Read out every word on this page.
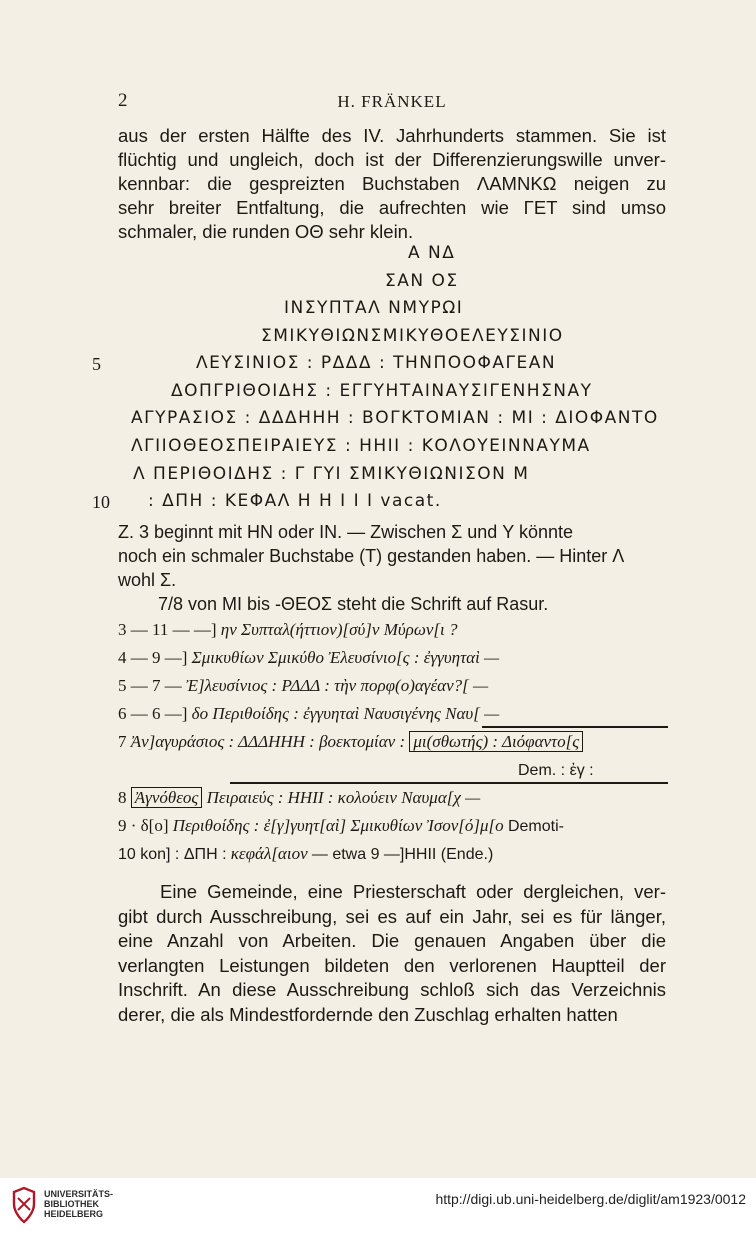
2	H. FRÄNKEL
aus der ersten Hälfte des IV. Jahrhunderts stammen. Sie ist
flüchtig und ungleich, doch ist der Differenzierungswille unver-
kennbar: die gespreizten Buchstaben ΛΑΜΝΚΩ neigen zu
sehr breiter Entfaltung, die aufrechten wie ΓΕΤ sind umso
schmaler, die runden ΟΘ sehr klein.
Α ΝΔ
ΣΑΝ ΟΣ
ΙΝΣΥΠΤΑΛ ΝΜΥΡΩΙ
ΣΜΙΚΥΘΙΩΝΣΜΙΚΥΘΟΕΛΕΥΣΙΝΙΟ
5	ΛΕΥΣΙΝΙΟΣ : ΡΔΔΔ : ΤΗΝΠΟΟΦΑΓΕΑΝ
ΔΟΠΓΡΙΘΟΙΔΗΣ : ΕΓΓΥΗΤΑΙΝΑΥΣΙΓΕΝΗΣΝΑΥ
ΑΓΥΡΑΣΙΟΣ : ΔΔΔΗΗΗ : ΒΟΓΚΤΟΜΙΑΝ : ΜΙ : ΔΙΟΦΑΝΤΟ
ΛΓΙΙΟΘΕΟΣΠΕΙΡΑΙΕΥΣ : ΗΗΙΙ : ΚΟΛΟΥΕΙΝΝΑΥΜΑ
Λ ΠΕΡΙΘΟΙΔΗΣ : Γ ΓΥΙ ΣΜΙΚΥΘΙΩΝΙΣΟΝ Μ
10 : ΔΠΗ : ΚΕΦΑΛ Η Η Ι Ι Ι vacat.
Z. 3 beginnt mit ΗΝ oder ΙΝ. — Zwischen Σ und Υ könnte
noch ein schmaler Buchstabe (Τ) gestanden haben. — Hinter Λ
wohl Σ.
7/8 von ΜΙ bis -ΘΕΟΣ steht die Schrift auf Rasur.
3 — 11 — —] ην Συπταλ(ήττιον)[σύ]ν Μύρων[ι ?
4 — 9 —] Σμικυθίων Σμικύθο Ἐλευσίνιο[ς : ἐγγυηταὶ —
5 — 7 — Ἐ]λευσίνιος : ΡΔΔΔ : τὴν πορφ(ο)αγέαν?[ —
6 — 6 —] δο Περιθοίδης : ἐγγυηταὶ Ναυσιγένης Ναυ[ —
7 Ἀν]αγυράσιος : ΔΔΔΗΗΗ : βοεκτομίαν : μι(σθωτής) : Διόφαντο[ς
Dem. : ἐγ :
8 Ἀγνόθεος Πειραιεύς : ΗΗΙΙ : κολούειν Ναυμα[χ —
9 · δ[ο] Περιθοίδης : ἐ[γ]γυητ[αὶ] Σμικυθίων Ἰσον[ό]μ[ο Demoti-
10 kon] : ΔΠΗ : κεφάλ[αιον — etwa 9 —]ΗΗΙΙ (Ende.)
Eine Gemeinde, eine Priesterschaft oder dergleichen, ver-
gibt durch Ausschreibung, sei es auf ein Jahr, sei es für länger,
eine Anzahl von Arbeiten. Die genauen Angaben über die
verlangten Leistungen bildeten den verlorenen Hauptteil der
Inschrift. An diese Ausschreibung schloß sich das Verzeichnis
derer, die als Mindestfordernde den Zuschlag erhalten hatten
UNIVERSITÄTS-
BIBLIOTHEK
HEIDELBERG
http://digi.ub.uni-heidelberg.de/diglit/am1923/0012
